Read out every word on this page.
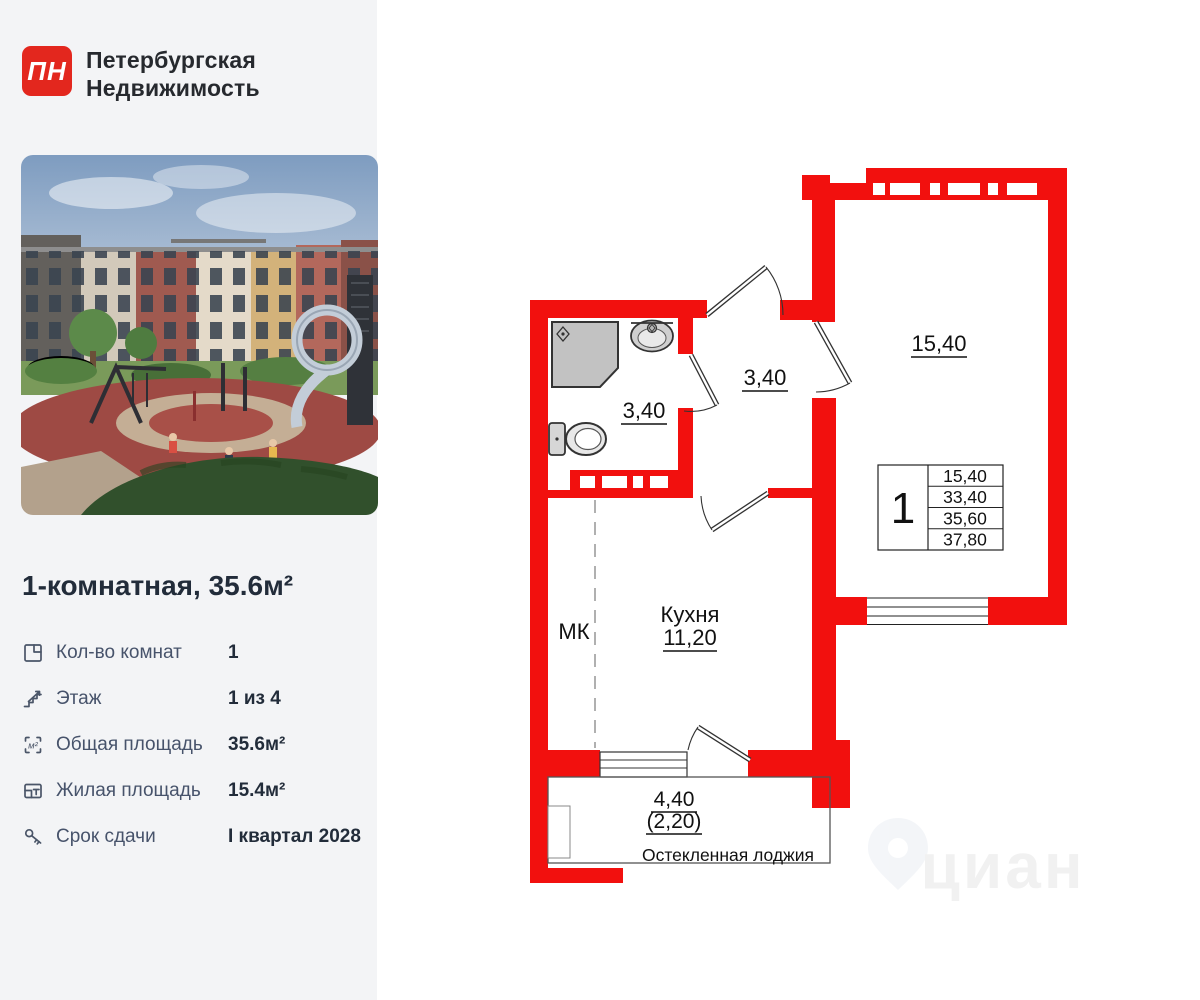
ПН Петербургская
Недвижимость
1-комнатная, 35.6м²
Кол-во комнат	1
Этаж	1 из 4
м² Общая площадь	35.6м²
Жилая площадь	15.4м²
Срок сдачи	I квартал 2028
15,40
3,40
3,40
Кухня
11,20
МК
4,40
(2,20)
Остекленная лоджия
1
15,40
33,40
35,60
37,80
циан
